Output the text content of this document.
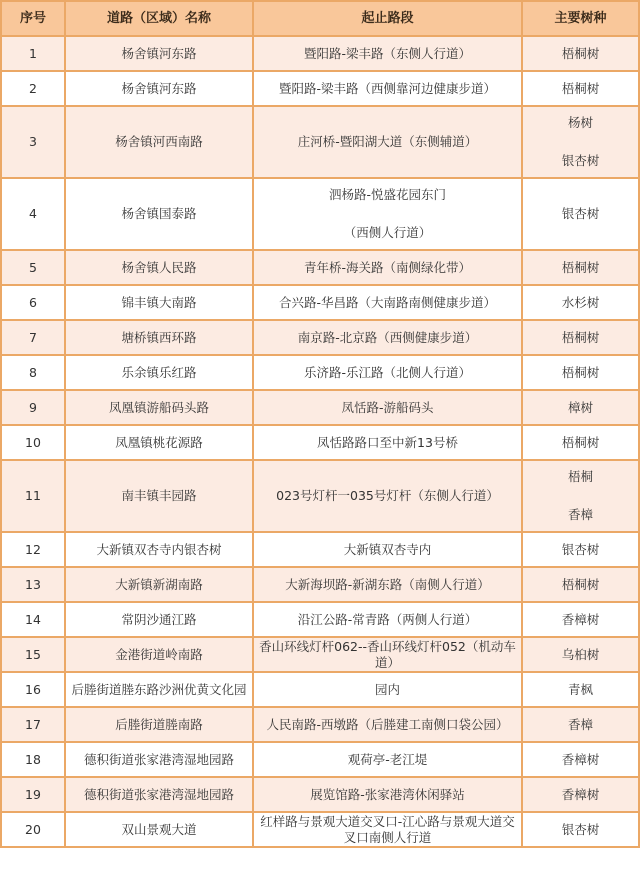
序号	道路（区域）名称	起止路段	主要树种
1	杨舍镇河东路	暨阳路-梁丰路（东侧人行道）	梧桐树

2	杨舍镇河东路	暨阳路-梁丰路（西侧靠河边健康步道）	梧桐树

3	杨舍镇河西南路	庄河桥-暨阳湖大道（东侧辅道）	杨树
银杏树

4	杨舍镇国泰路	泗杨路-悦盛花园东门
（西侧人行道）	银杏树

5	杨舍镇人民路	青年桥-海关路（南侧绿化带）	梧桐树

6	锦丰镇大南路	合兴路-华昌路（大南路南侧健康步道）	水杉树

7	塘桥镇西环路	南京路-北京路（西侧健康步道）	梧桐树

8	乐余镇乐红路	乐济路-乐江路（北侧人行道）	梧桐树

9	凤凰镇游船码头路	凤恬路-游船码头	樟树

10	凤凰镇桃花源路	凤恬路路口至中新13号桥	梧桐树

11	南丰镇丰园路	023号灯杆一035号灯杆（东侧人行道）	梧桐
香樟

12	大新镇双杏寺内银杏树	大新镇双杏寺内	银杏树

13	大新镇新湖南路	大新海坝路-新湖东路（南侧人行道）	梧桐树

14	常阴沙通江路	沿江公路-常青路（两侧人行道）	香樟树

15	金港街道岭南路	香山环线灯杆062--香山环线灯杆052（机动车道）	乌桕树

16	后塍街道塍东路沙洲优黄文化园	园内	青枫

17	后塍街道塍南路	人民南路-西墩路（后塍建工南侧口袋公园）	香樟

18	德积街道张家港湾湿地园路	观荷亭-老江堤	香樟树

19	德积街道张家港湾湿地园路	展览馆路-张家港湾休闲驿站	香樟树

20	双山景观大道	红样路与景观大道交叉口-江心路与景观大道交叉口南侧人行道	银杏树
